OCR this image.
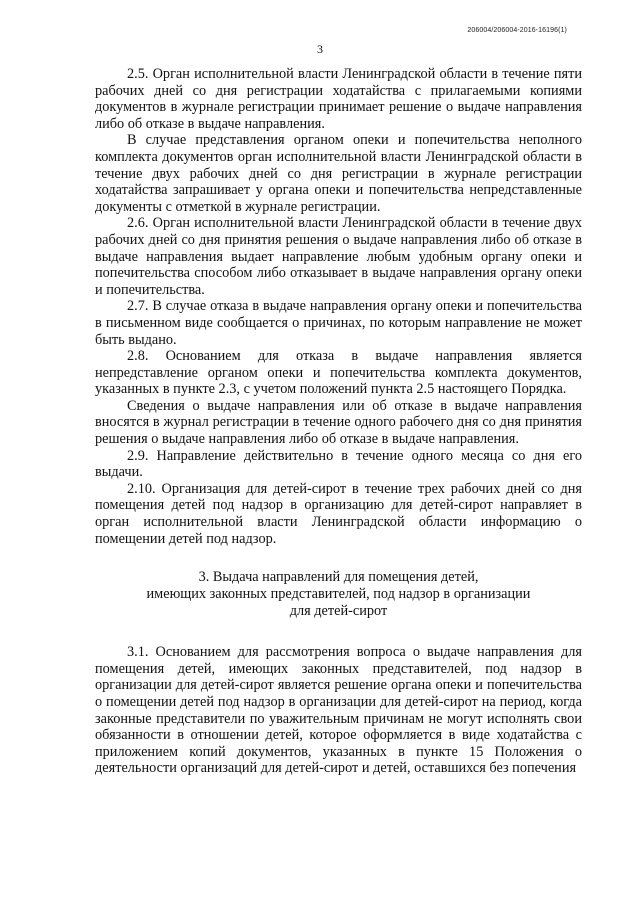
206004/206004-2016-16196(1)
3

2.5. Орган исполнительной власти Ленинградской области в течение пяти рабочих дней со дня регистрации ходатайства с прилагаемыми копиями документов в журнале регистрации принимает решение о выдаче направления либо об отказе в выдаче направления.

В случае представления органом опеки и попечительства неполного комплекта документов орган исполнительной власти Ленинградской области в течение двух рабочих дней со дня регистрации в журнале регистрации ходатайства запрашивает у органа опеки и попечительства непредставленные документы с отметкой в журнале регистрации.

2.6. Орган исполнительной власти Ленинградской области в течение двух рабочих дней со дня принятия решения о выдаче направления либо об отказе в выдаче направления выдает направление любым удобным органу опеки и попечительства способом либо отказывает в выдаче направления органу опеки и попечительства.

2.7. В случае отказа в выдаче направления органу опеки и попечительства в письменном виде сообщается о причинах, по которым направление не может быть выдано.

2.8. Основанием для отказа в выдаче направления является непредставление органом опеки и попечительства комплекта документов, указанных в пункте 2.3, с учетом положений пункта 2.5 настоящего Порядка.

Сведения о выдаче направления или об отказе в выдаче направления вносятся в журнал регистрации в течение одного рабочего дня со дня принятия решения о выдаче направления либо об отказе в выдаче направления.

2.9. Направление действительно в течение одного месяца со дня его выдачи.

2.10. Организация для детей-сирот в течение трех рабочих дней со дня помещения детей под надзор в организацию для детей-сирот направляет в орган исполнительной власти Ленинградской области информацию о помещении детей под надзор.

3. Выдача направлений для помещения детей,
имеющих законных представителей, под надзор в организации
для детей-сирот

3.1. Основанием для рассмотрения вопроса о выдаче направления для помещения детей, имеющих законных представителей, под надзор в организации для детей-сирот является решение органа опеки и попечительства о помещении детей под надзор в организации для детей-сирот на период, когда законные представители по уважительным причинам не могут исполнять свои обязанности в отношении детей, которое оформляется в виде ходатайства с приложением копий документов, указанных в пункте 15 Положения о деятельности организаций для детей-сирот и детей, оставшихся без попечения
